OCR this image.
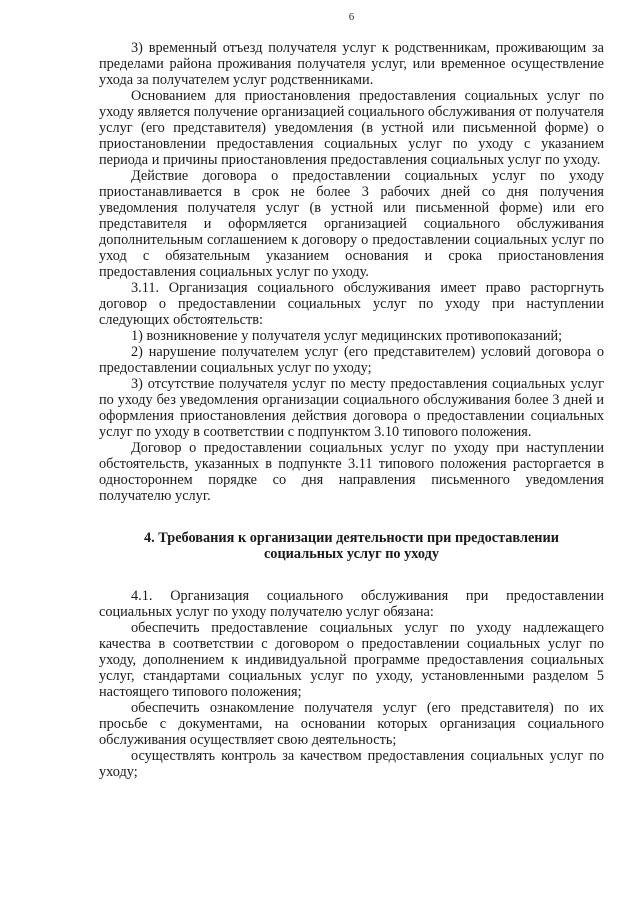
6

3) временный отъезд получателя услуг к родственникам, проживающим за пределами района проживания получателя услуг, или временное осуществление ухода за получателем услуг родственниками.

Основанием для приостановления предоставления социальных услуг по уходу является получение организацией социального обслуживания от получателя услуг (его представителя) уведомления (в устной или письменной форме) о приостановлении предоставления социальных услуг по уходу с указанием периода и причины приостановления предоставления социальных услуг по уходу.

Действие договора о предоставлении социальных услуг по уходу приостанавливается в срок не более 3 рабочих дней со дня получения уведомления получателя услуг (в устной или письменной форме) или его представителя и оформляется организацией социального обслуживания дополнительным соглашением к договору о предоставлении социальных услуг по уход с обязательным указанием основания и срока приостановления предоставления социальных услуг по уходу.

3.11. Организация социального обслуживания имеет право расторгнуть договор о предоставлении социальных услуг по уходу при наступлении следующих обстоятельств:

1) возникновение у получателя услуг медицинских противопоказаний;

2) нарушение получателем услуг (его представителем) условий договора о предоставлении социальных услуг по уходу;

3) отсутствие получателя услуг по месту предоставления социальных услуг по уходу без уведомления организации социального обслуживания более 3 дней и оформления приостановления действия договора о предоставлении социальных услуг по уходу в соответствии с подпунктом 3.10 типового положения.

Договор о предоставлении социальных услуг по уходу при наступлении обстоятельств, указанных в подпункте 3.11 типового положения расторгается в одностороннем порядке со дня направления письменного уведомления получателю услуг.

4. Требования к организации деятельности при предоставлении
социальных услуг по уходу

4.1. Организация социального обслуживания при предоставлении социальных услуг по уходу получателю услуг обязана:

обеспечить предоставление социальных услуг по уходу надлежащего качества в соответствии с договором о предоставлении социальных услуг по уходу, дополнением к индивидуальной программе предоставления социальных услуг, стандартами социальных услуг по уходу, установленными разделом 5 настоящего типового положения;

обеспечить ознакомление получателя услуг (его представителя) по их просьбе с документами, на основании которых организация социального обслуживания осуществляет свою деятельность;

осуществлять контроль за качеством предоставления социальных услуг по уходу;
